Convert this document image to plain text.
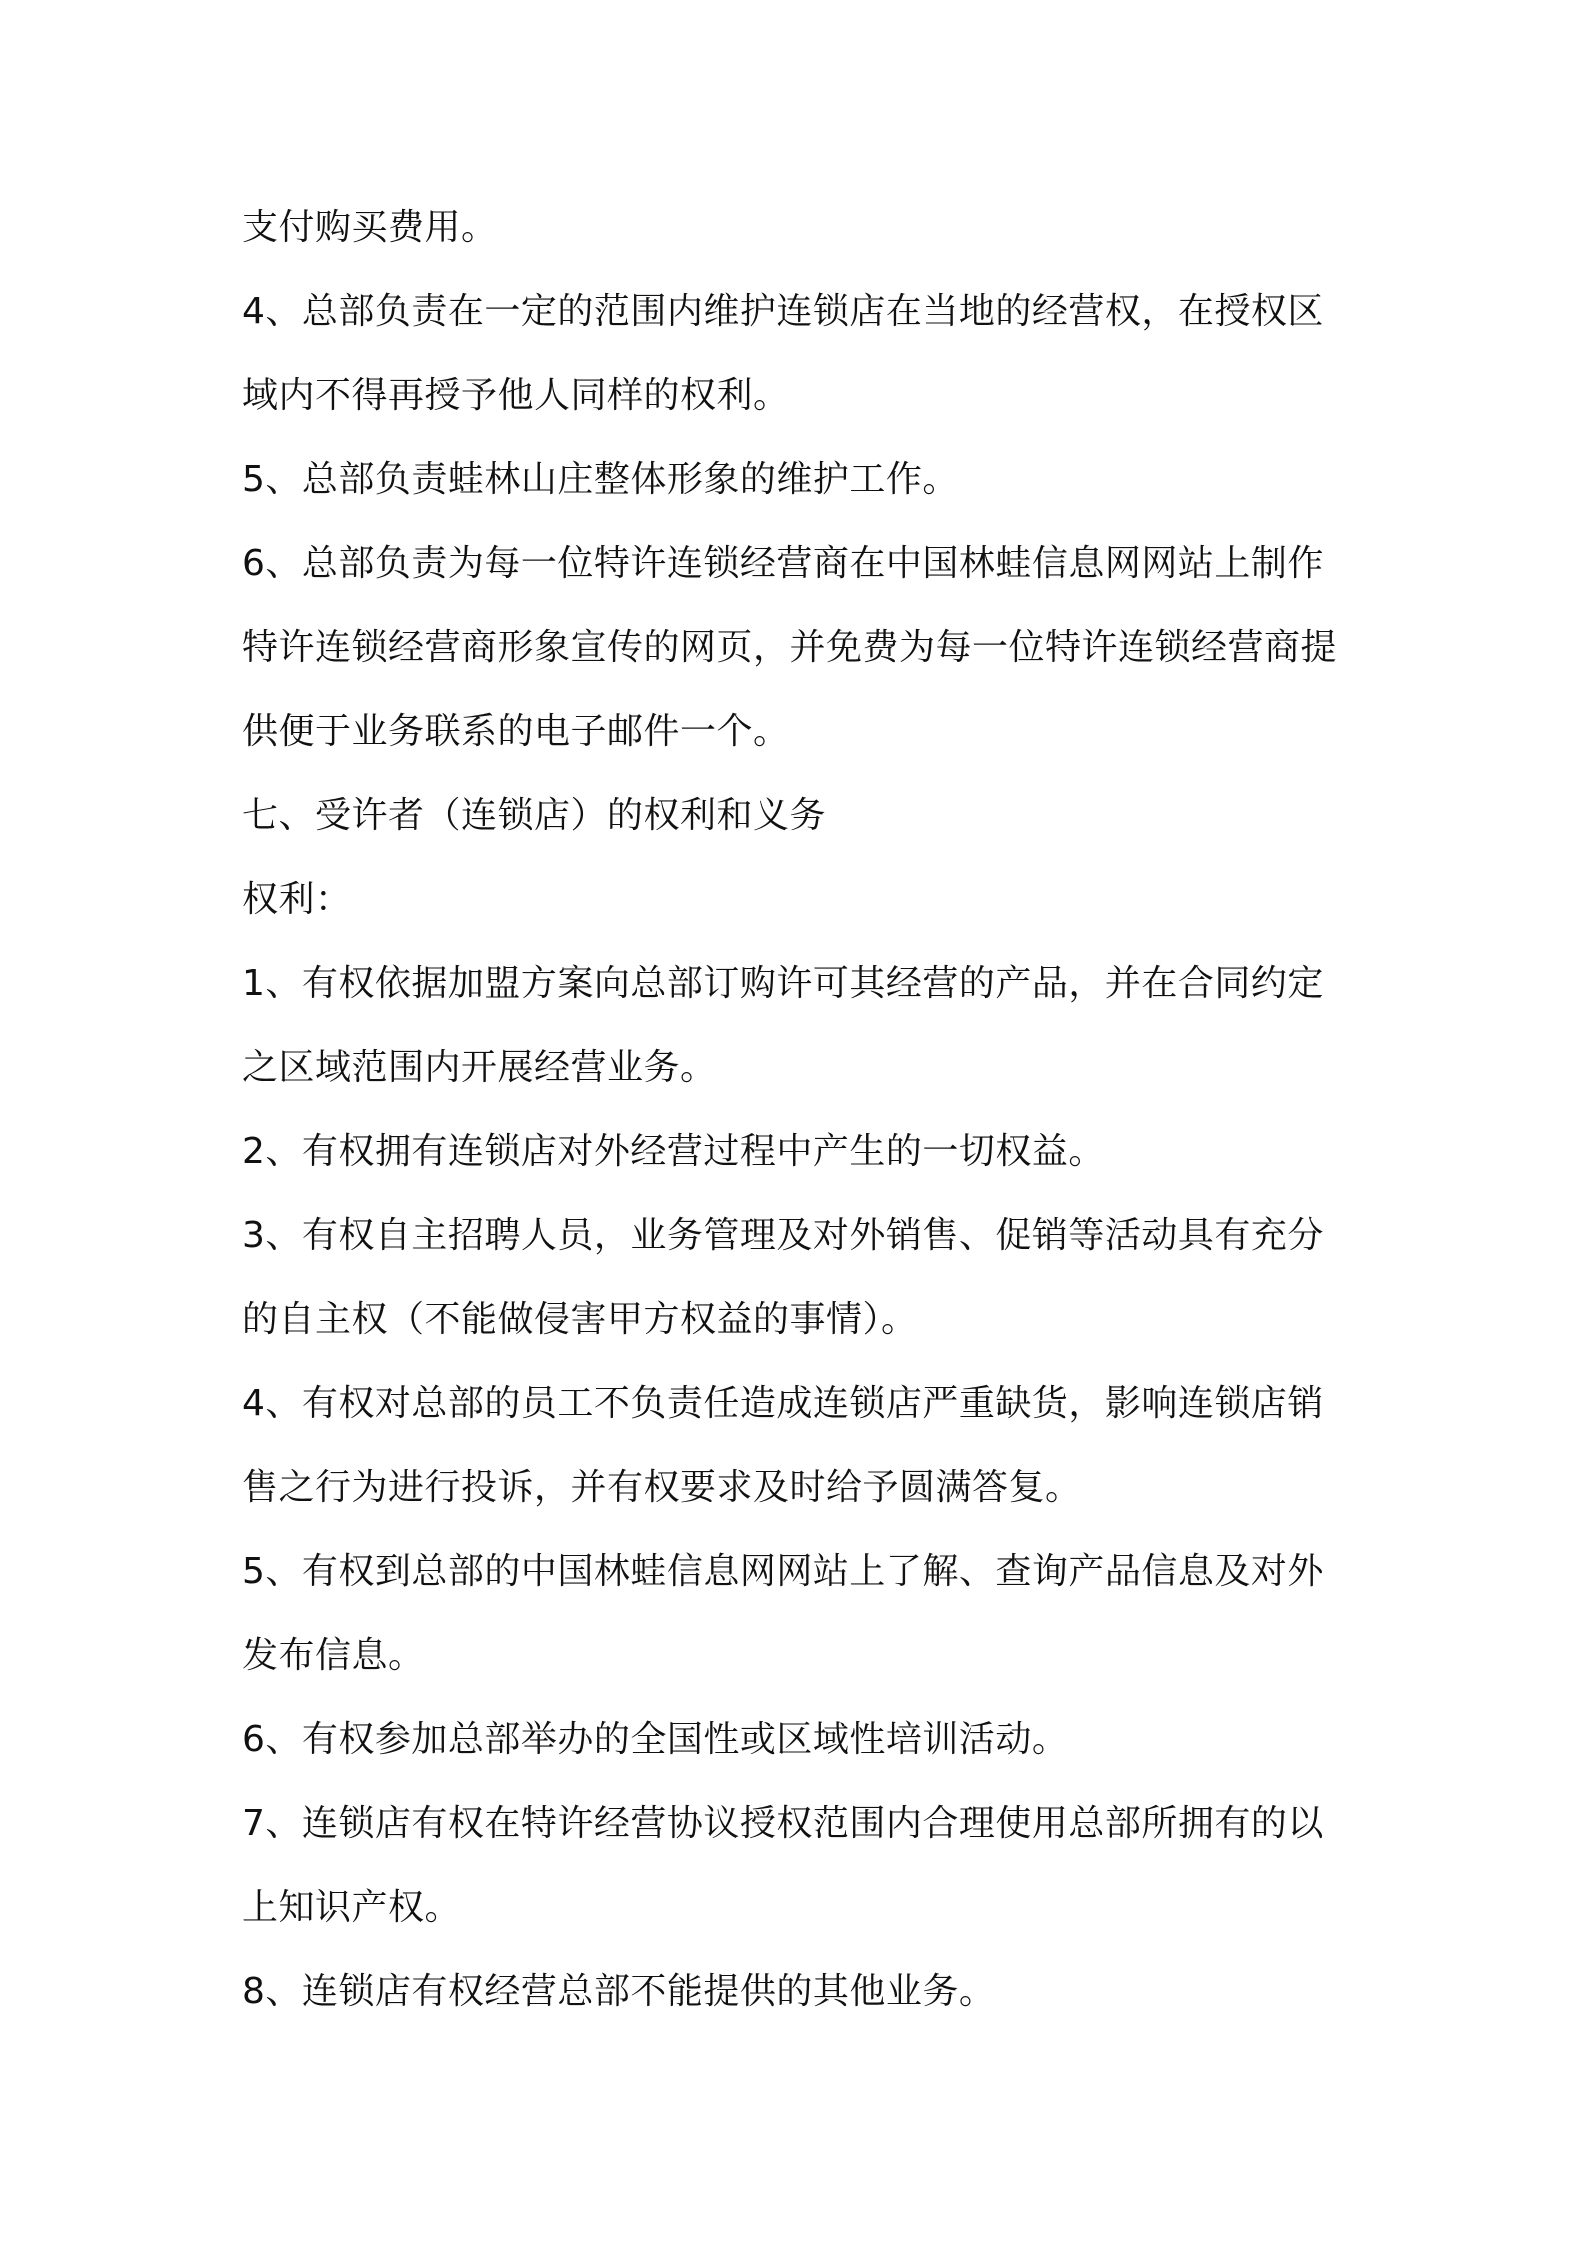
支付购买费用。
4、总部负责在一定的范围内维护连锁店在当地的经营权，在授权区
域内不得再授予他人同样的权利。
5、总部负责蛙林山庄整体形象的维护工作。
6、总部负责为每一位特许连锁经营商在中国林蛙信息网网站上制作
特许连锁经营商形象宣传的网页，并免费为每一位特许连锁经营商提
供便于业务联系的电子邮件一个。
七、受许者（连锁店）的权利和义务
权利：
1、有权依据加盟方案向总部订购许可其经营的产品，并在合同约定
之区域范围内开展经营业务。
2、有权拥有连锁店对外经营过程中产生的一切权益。
3、有权自主招聘人员，业务管理及对外销售、促销等活动具有充分
的自主权（不能做侵害甲方权益的事情）。
4、有权对总部的员工不负责任造成连锁店严重缺货，影响连锁店销
售之行为进行投诉，并有权要求及时给予圆满答复。
5、有权到总部的中国林蛙信息网网站上了解、查询产品信息及对外
发布信息。
6、有权参加总部举办的全国性或区域性培训活动。
7、连锁店有权在特许经营协议授权范围内合理使用总部所拥有的以
上知识产权。
8、连锁店有权经营总部不能提供的其他业务。
